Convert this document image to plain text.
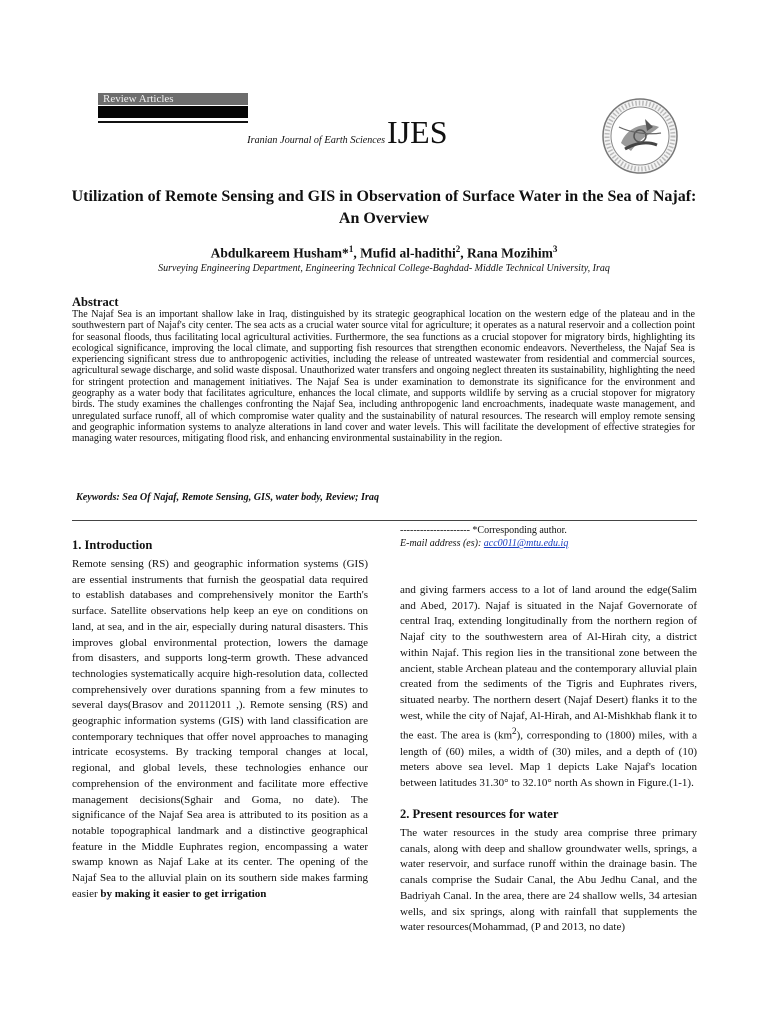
Review Articles
Iranian Journal of Earth SciencesIJES
Utilization of Remote Sensing and GIS in Observation of Surface Water in the Sea of Najaf: An Overview
Abdulkareem Husham*$^1$, Mufid al-hadithi$^2$, Rana Mozihim$^3$
Surveying Engineering Department, Engineering Technical College-Baghdad- Middle Technical University, Iraq
Abstract
The Najaf Sea is an important shallow lake in Iraq, distinguished by its strategic geographical location on the western edge of the plateau and in the southwestern part of Najaf's city center. The sea acts as a crucial water source vital for agriculture; it operates as a natural reservoir and a collection point for seasonal floods, thus facilitating local agricultural activities. Furthermore, the sea functions as a crucial stopover for migratory birds, highlighting its ecological significance, improving the local climate, and supporting fish resources that strengthen economic endeavors. Nevertheless, the Najaf Sea is experiencing significant stress due to anthropogenic activities, including the release of untreated wastewater from residential and commercial sources, agricultural sewage discharge, and solid waste disposal. Unauthorized water transfers and ongoing neglect threaten its sustainability, highlighting the need for stringent protection and management initiatives. The Najaf Sea is under examination to demonstrate its significance for the environment and geography as a water body that facilitates agriculture, enhances the local climate, and supports wildlife by serving as a crucial stopover for migratory birds. The study examines the challenges confronting the Najaf Sea, including anthropogenic land encroachments, inadequate waste management, and unregulated surface runoff, all of which compromise water quality and the sustainability of natural resources. The research will employ remote sensing and geographic information systems to analyze alterations in land cover and water levels. This will facilitate the development of effective strategies for managing water resources, mitigating flood risk, and enhancing environmental sustainability in the region.
Keywords: Sea Of Najaf, Remote Sensing, GIS, water body, Review; Iraq
1. Introduction

Remote sensing (RS) and geographic information systems (GIS) are essential instruments that furnish the geospatial data required to establish databases and comprehensively monitor the Earth's surface. Satellite observations help keep an eye on conditions on land, at sea, and in the air, especially during natural disasters. This improves global environmental protection, lowers the damage from disasters, and supports long-term growth. These advanced technologies systematically acquire high-resolution data, collected comprehensively over durations spanning from a few minutes to several days(Brasov and 20112011 ,). Remote sensing (RS) and geographic information systems (GIS) with land classification are contemporary techniques that offer novel approaches to managing intricate ecosystems. By tracking temporal changes at local, regional, and global levels, these technologies enhance our comprehension of the environment and facilitate more effective management decisions(Sghair and Goma, no date). The significance of the Najaf Sea area is attributed to its position as a notable topographical landmark and a distinctive geographical feature in the Middle Euphrates region, encompassing a water swamp known as Najaf Lake at its center. The opening of the Najaf Sea to the alluvial plain on its southern side makes farming easier by making it easier to get irrigation

--------------------- *Corresponding author.
E-mail address (es): acc0011@mtu.edu.iq

and giving farmers access to a lot of land around the edge(Salim and Abed, 2017). Najaf is situated in the Najaf Governorate of central Iraq, extending longitudinally from the northern region of Najaf city to the southwestern area of Al-Hirah city, a district within Najaf. This region lies in the transitional zone between the ancient, stable Archean plateau and the contemporary alluvial plain created from the sediments of the Tigris and Euphrates rivers, situated nearby. The northern desert (Najaf Desert) flanks it to the west, while the city of Najaf, Al-Hirah, and Al-Mishkhab flank it to the east. The area is $(km^2)$, corresponding to (1800) miles, with a length of (60) miles, a width of (30) miles, and a depth of (10) meters above sea level. Map 1 depicts Lake Najaf's location between latitudes 31.30° to 32.10° north As shown in Figure.(1-1).

2. Present resources for water

The water resources in the study area comprise three primary canals, along with deep and shallow groundwater wells, springs, a water reservoir, and surface runoff within the drainage basin. The canals comprise the Sudair Canal, the Abu Jedhu Canal, and the Badriyah Canal. In the area, there are 24 shallow wells, 34 artesian wells, and six springs, along with rainfall that supplements the water resources(Mohammad, (P and 2013, no date)
